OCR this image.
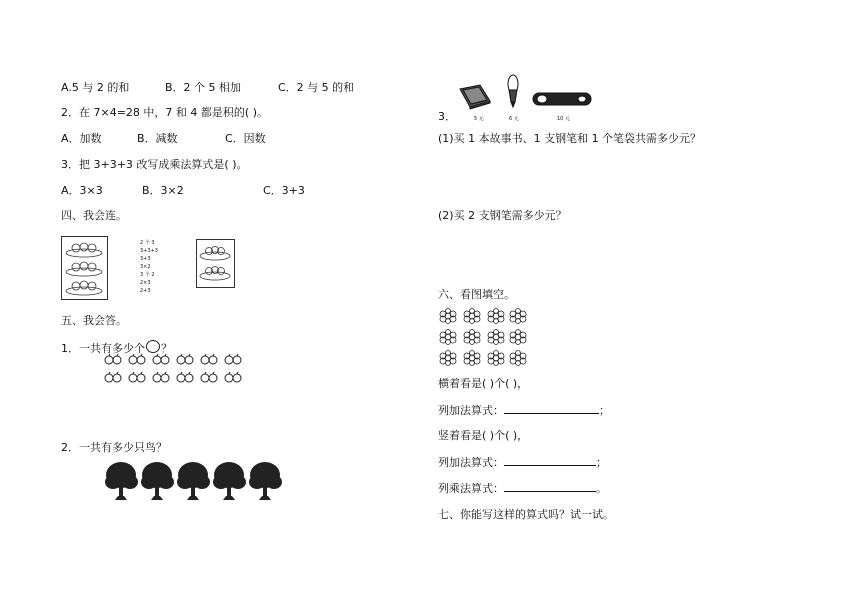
A.5 与 2 的和	B．2 个 5 相加	C．2 与 5 的和
2．在 7×4=28 中，7 和 4 都是积的( )。
A．加数	B．减数	C．因数
3．把 3+3+3 改写成乘法算式是( )。
A．3×3	B．3×2	C．3+3
四、我会连。
2 个 3
3+3+3
3+3
3×2
3 个 2
2×3
2+3
五、我会答。
1．一共有多少个 ？
2．一共有多少只鸟？
3．	5 元	6 元	10 元
(1)买 1 本故事书、1 支钢笔和 1 个笔袋共需多少元？
(2)买 2 支钢笔需多少元？
六、看图填空。
横着看是( )个( )，
列加法算式：	；
竖着看是( )个( )，
列加法算式：	；
列乘法算式：	。
七、你能写这样的算式吗？试一试。
